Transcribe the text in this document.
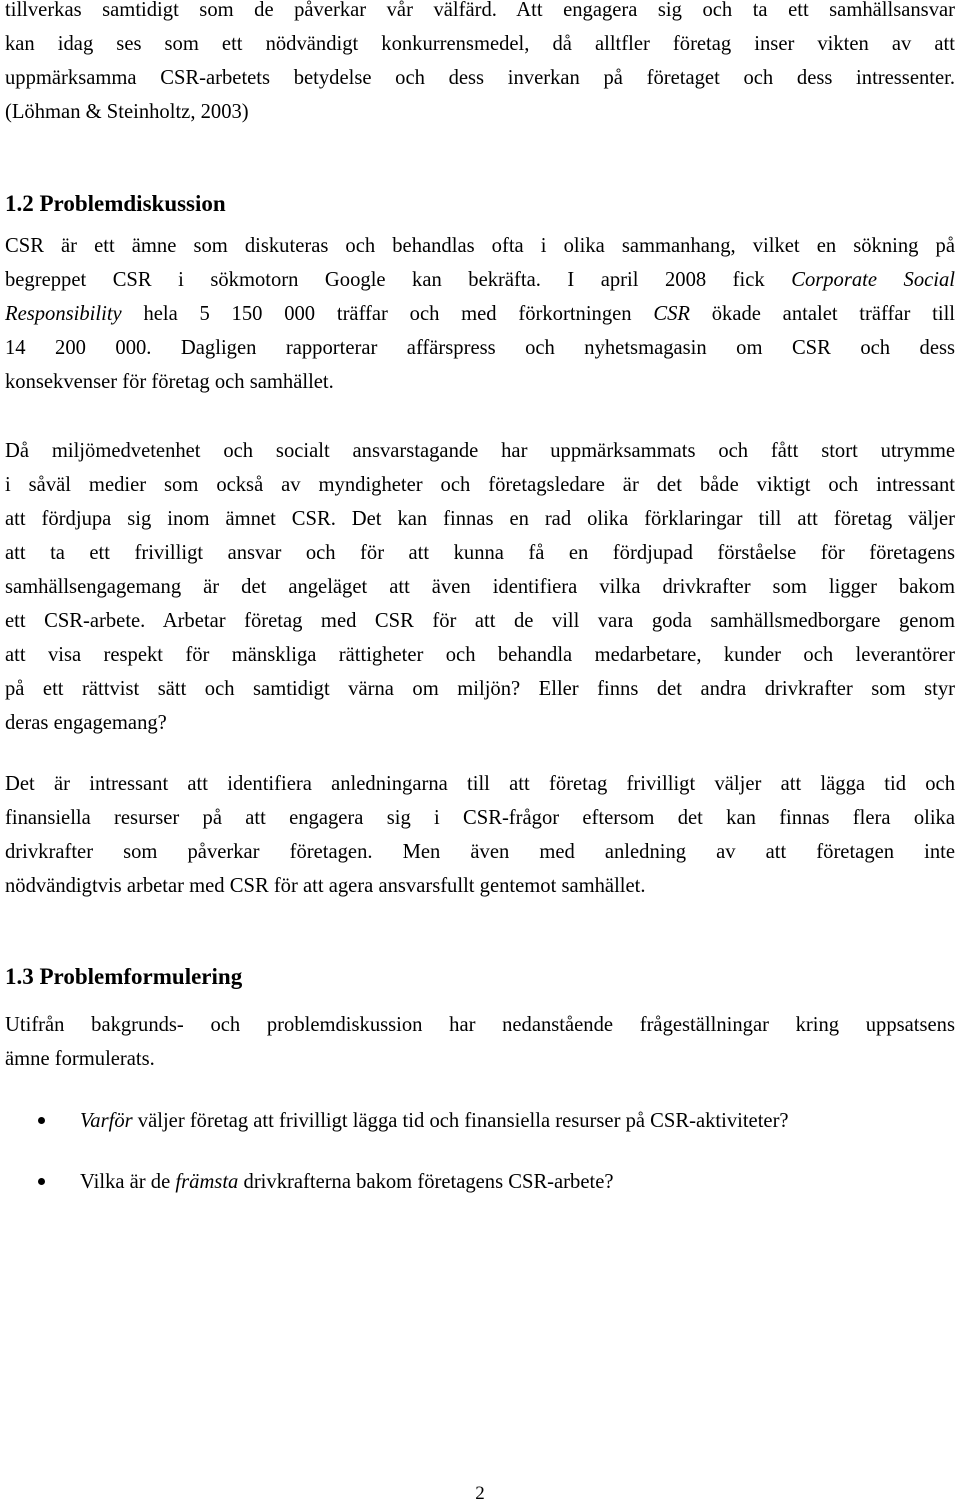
tillverkas samtidigt som de påverkar vår välfärd. Att engagera sig och ta ett samhällsansvar
kan idag ses som ett nödvändigt konkurrensmedel, då alltfler företag inser vikten av att
uppmärksamma CSR-arbetets betydelse och dess inverkan på företaget och dess intressenter.
(Löhman & Steinholtz, 2003)
1.2 Problemdiskussion
CSR är ett ämne som diskuteras och behandlas ofta i olika sammanhang, vilket en sökning på
begreppet CSR i sökmotorn Google kan bekräfta. I april 2008 fick Corporate Social
Responsibility hela 5 150 000 träffar och med förkortningen CSR ökade antalet träffar till
14 200 000. Dagligen rapporterar affärspress och nyhetsmagasin om CSR och dess
konsekvenser för företag och samhället.
Då miljömedvetenhet och socialt ansvarstagande har uppmärksammats och fått stort utrymme
i såväl medier som också av myndigheter och företagsledare är det både viktigt och intressant
att fördjupa sig inom ämnet CSR. Det kan finnas en rad olika förklaringar till att företag väljer
att ta ett frivilligt ansvar och för att kunna få en fördjupad förståelse för företagens
samhällsengagemang är det angeläget att även identifiera vilka drivkrafter som ligger bakom
ett CSR-arbete. Arbetar företag med CSR för att de vill vara goda samhällsmedborgare genom
att visa respekt för mänskliga rättigheter och behandla medarbetare, kunder och leverantörer
på ett rättvist sätt och samtidigt värna om miljön? Eller finns det andra drivkrafter som styr
deras engagemang?
Det är intressant att identifiera anledningarna till att företag frivilligt väljer att lägga tid och
finansiella resurser på att engagera sig i CSR-frågor eftersom det kan finnas flera olika
drivkrafter som påverkar företagen. Men även med anledning av att företagen inte
nödvändigtvis arbetar med CSR för att agera ansvarsfullt gentemot samhället.
1.3 Problemformulering
Utifrån bakgrunds- och problemdiskussion har nedanstående frågeställningar kring uppsatsens
ämne formulerats.
Varför väljer företag att frivilligt lägga tid och finansiella resurser på CSR-aktiviteter?
Vilka är de främsta drivkrafterna bakom företagens CSR-arbete?
2
